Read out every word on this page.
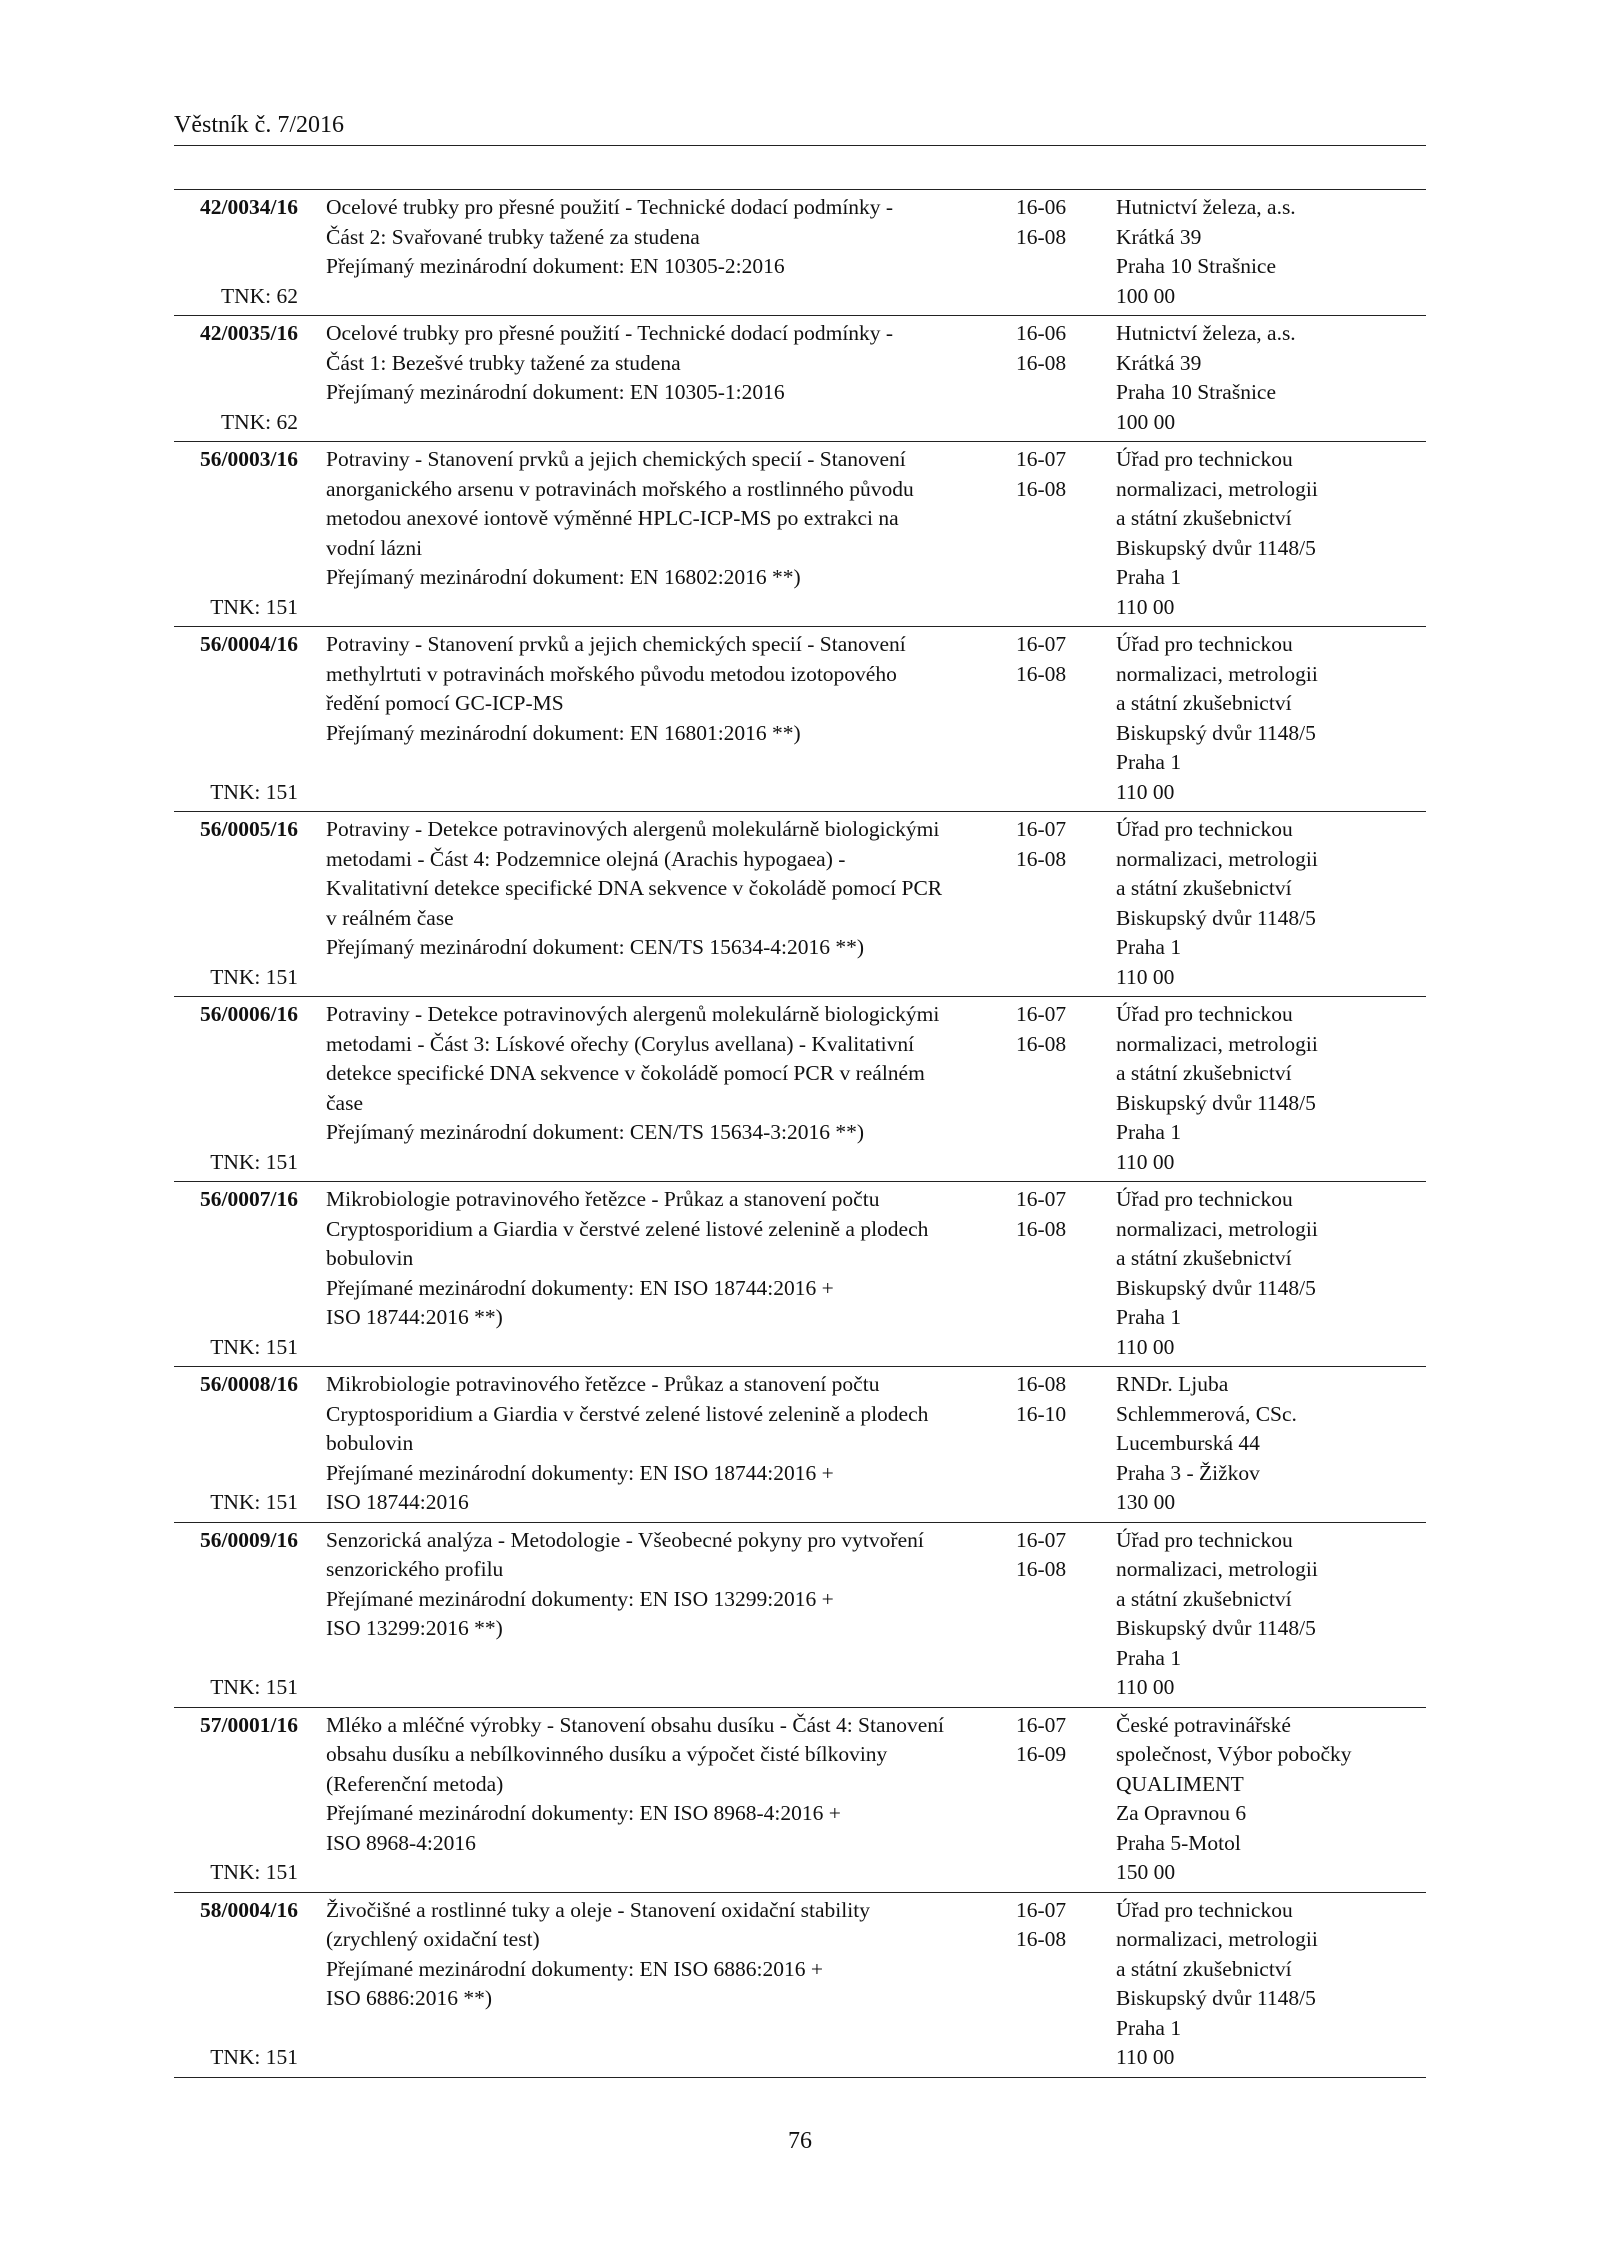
Věstník č. 7/2016
42/0034/16
TNK: 62
Ocelové trubky pro přesné použití - Technické dodací podmínky -
Část 2: Svařované trubky tažené za studena
Přejímaný mezinárodní dokument: EN 10305-2:2016
16-06
16-08
Hutnictví železa, a.s.
Krátká 39
Praha 10 Strašnice
100 00
42/0035/16
TNK: 62
Ocelové trubky pro přesné použití - Technické dodací podmínky -
Část 1: Bezešvé trubky tažené za studena
Přejímaný mezinárodní dokument: EN 10305-1:2016
16-06
16-08
Hutnictví železa, a.s.
Krátká 39
Praha 10 Strašnice
100 00
56/0003/16
TNK: 151
Potraviny - Stanovení prvků a jejich chemických specií - Stanovení
anorganického arsenu v potravinách mořského a rostlinného původu
metodou anexové iontově výměnné HPLC-ICP-MS po extrakci na
vodní lázni
Přejímaný mezinárodní dokument: EN 16802:2016 **)
16-07
16-08
Úřad pro technickou
normalizaci, metrologii
a státní zkušebnictví
Biskupský dvůr 1148/5
Praha 1
110 00
56/0004/16
TNK: 151
Potraviny - Stanovení prvků a jejich chemických specií - Stanovení
methylrtuti v potravinách mořského původu metodou izotopového
ředění pomocí GC-ICP-MS
Přejímaný mezinárodní dokument: EN 16801:2016 **)
16-07
16-08
Úřad pro technickou
normalizaci, metrologii
a státní zkušebnictví
Biskupský dvůr 1148/5
Praha 1
110 00
56/0005/16
TNK: 151
Potraviny - Detekce potravinových alergenů molekulárně biologickými
metodami - Část 4: Podzemnice olejná (Arachis hypogaea) -
Kvalitativní detekce specifické DNA sekvence v čokoládě pomocí PCR
v reálném čase
Přejímaný mezinárodní dokument: CEN/TS 15634-4:2016 **)
16-07
16-08
Úřad pro technickou
normalizaci, metrologii
a státní zkušebnictví
Biskupský dvůr 1148/5
Praha 1
110 00
56/0006/16
TNK: 151
Potraviny - Detekce potravinových alergenů molekulárně biologickými
metodami - Část 3: Lískové ořechy (Corylus avellana) - Kvalitativní
detekce specifické DNA sekvence v čokoládě pomocí PCR v reálném
čase
Přejímaný mezinárodní dokument: CEN/TS 15634-3:2016 **)
16-07
16-08
Úřad pro technickou
normalizaci, metrologii
a státní zkušebnictví
Biskupský dvůr 1148/5
Praha 1
110 00
56/0007/16
TNK: 151
Mikrobiologie potravinového řetězce - Průkaz a stanovení počtu
Cryptosporidium a Giardia v čerstvé zelené listové zelenině a plodech
bobulovin
Přejímané mezinárodní dokumenty: EN ISO 18744:2016 +
ISO 18744:2016 **)
16-07
16-08
Úřad pro technickou
normalizaci, metrologii
a státní zkušebnictví
Biskupský dvůr 1148/5
Praha 1
110 00
56/0008/16
TNK: 151
Mikrobiologie potravinového řetězce - Průkaz a stanovení počtu
Cryptosporidium a Giardia v čerstvé zelené listové zelenině a plodech
bobulovin
Přejímané mezinárodní dokumenty: EN ISO 18744:2016 +
ISO 18744:2016
16-08
16-10
RNDr. Ljuba
Schlemmerová, CSc.
Lucemburská 44
Praha 3 - Žižkov
130 00
56/0009/16
TNK: 151
Senzorická analýza - Metodologie - Všeobecné pokyny pro vytvoření
senzorického profilu
Přejímané mezinárodní dokumenty: EN ISO 13299:2016 +
ISO 13299:2016 **)
16-07
16-08
Úřad pro technickou
normalizaci, metrologii
a státní zkušebnictví
Biskupský dvůr 1148/5
Praha 1
110 00
57/0001/16
TNK: 151
Mléko a mléčné výrobky - Stanovení obsahu dusíku - Část 4: Stanovení
obsahu dusíku a nebílkovinného dusíku a výpočet čisté bílkoviny
(Referenční metoda)
Přejímané mezinárodní dokumenty: EN ISO 8968-4:2016 +
ISO 8968-4:2016
16-07
16-09
České potravinářské
společnost, Výbor pobočky
QUALIMENT
Za Opravnou 6
Praha 5-Motol
150 00
58/0004/16
TNK: 151
Živočišné a rostlinné tuky a oleje - Stanovení oxidační stability
(zrychlený oxidační test)
Přejímané mezinárodní dokumenty: EN ISO 6886:2016 +
ISO 6886:2016 **)
16-07
16-08
Úřad pro technickou
normalizaci, metrologii
a státní zkušebnictví
Biskupský dvůr 1148/5
Praha 1
110 00
76
